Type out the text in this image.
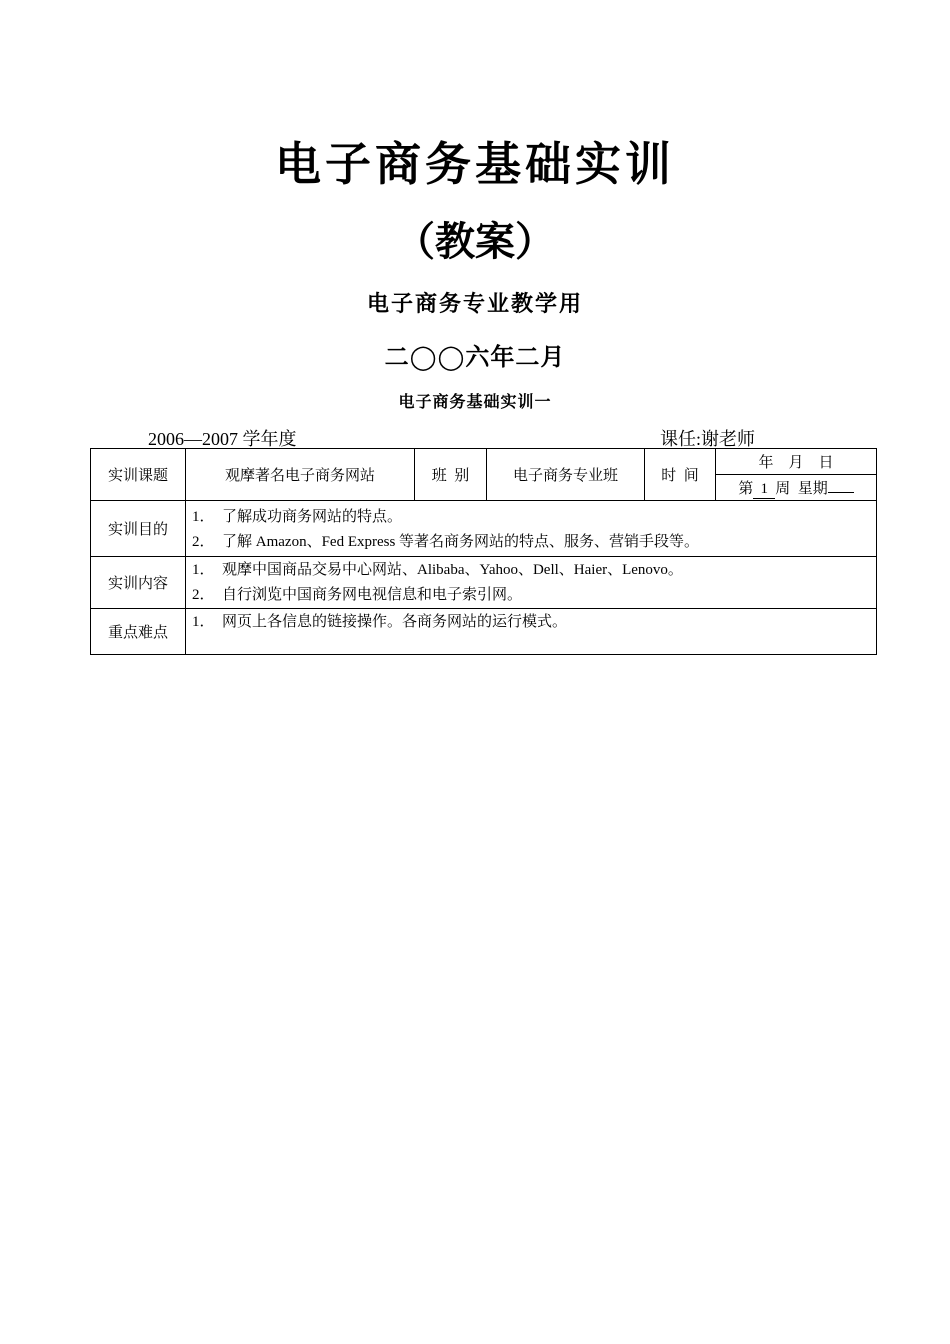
电子商务基础实训
（教案）
电子商务专业教学用
二◯◯六年二月
电子商务基础实训一
2006—2007 学年度	课任:谢老师
实训课题	观摩著名电子商务网站	班  别	电子商务专业班	时  间	年    月    日
					第 1 周  星期
实训目的	1． 了解成功商务网站的特点。
2． 了解 Amazon、Fed Express 等著名商务网站的特点、服务、营销手段等。				

实训内容	1． 观摩中国商品交易中心网站、Alibaba、Yahoo、Dell、Haier、Lenovo。
2． 自行浏览中国商务网电视信息和电子索引网。				

重点难点	1． 网页上各信息的链接操作。各商务网站的运行模式。				
